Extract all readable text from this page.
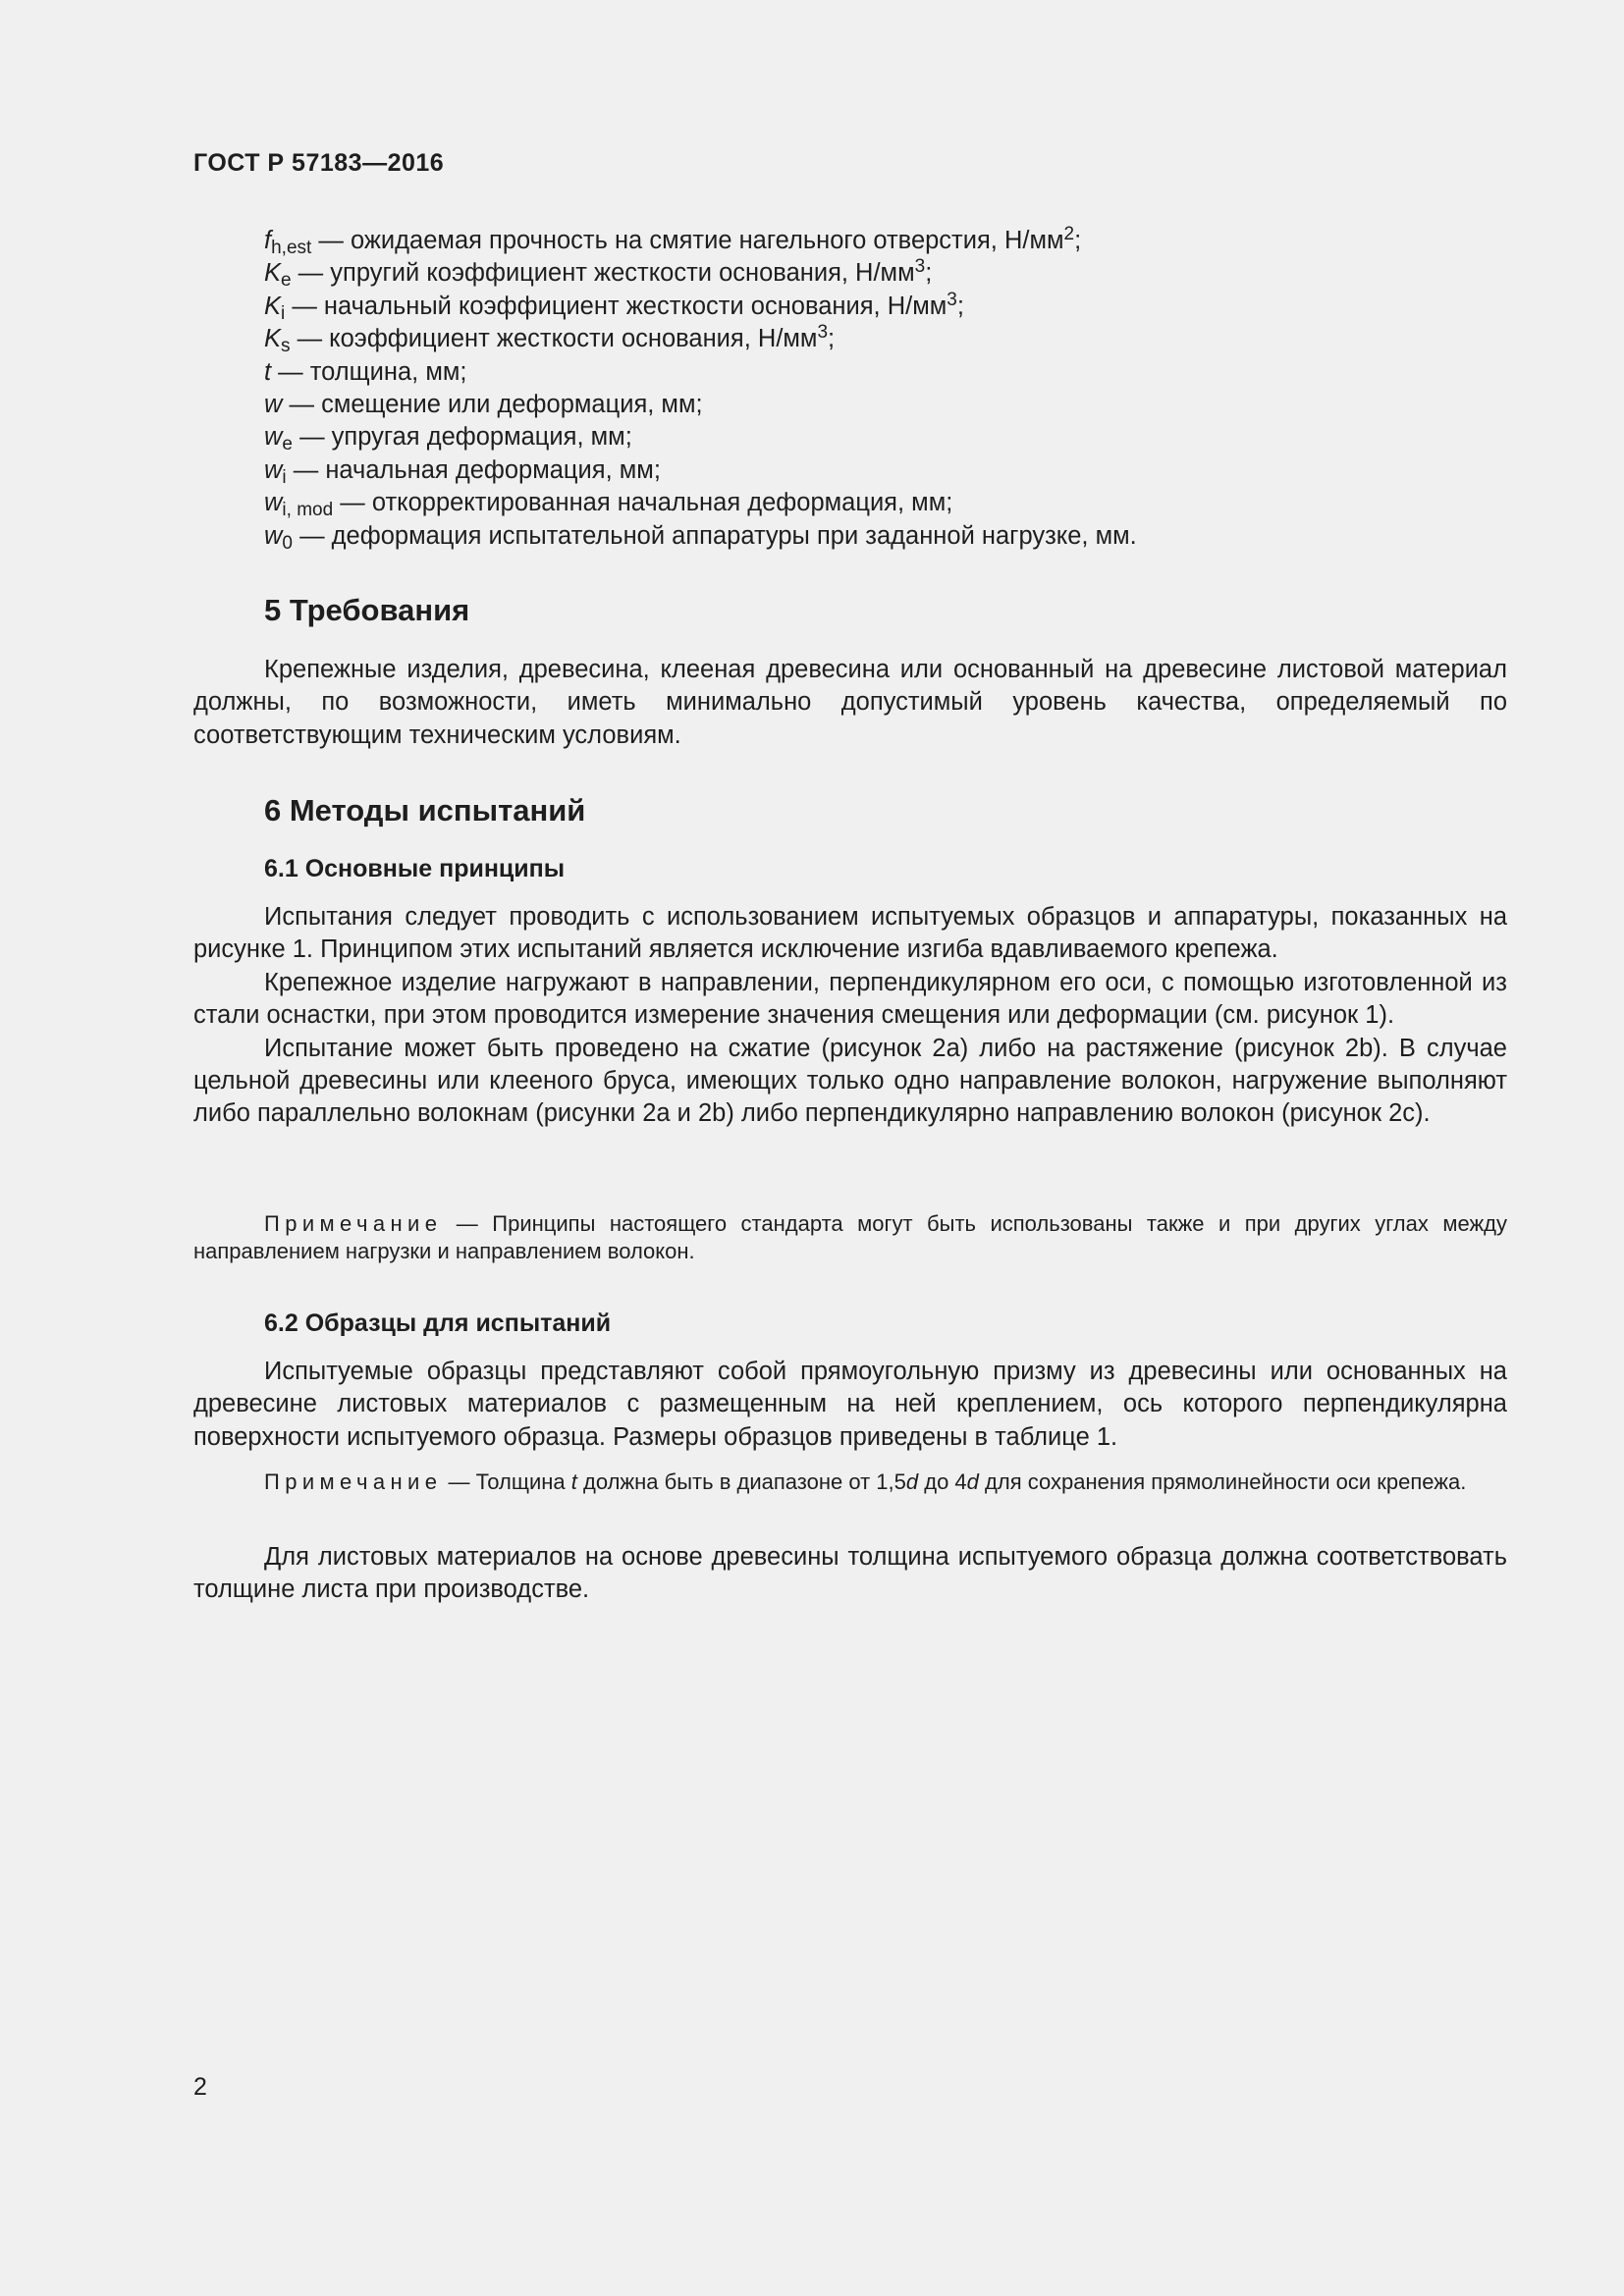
ГОСТ Р 57183—2016
$f_{h,est}$ — ожидаемая прочность на смятие нагельного отверстия, $Н/мм^2$;
$K_e$ — упругий коэффициент жесткости основания, $Н/мм^3$;
$K_i$ — начальный коэффициент жесткости основания, $Н/мм^3$;
$K_s$ — коэффициент жесткости основания, $Н/мм^3$;
t — толщина, мм;
w — смещение или деформация, мм;
$w_e$ — упругая деформация, мм;
$w_i$ — начальная деформация, мм;
$w_{i, mod}$ — откорректированная начальная деформация, мм;
$w_0$ — деформация испытательной аппаратуры при заданной нагрузке, мм.
5 Требования

Крепежные изделия, древесина, клееная древесина или основанный на древесине листовой материал должны, по возможности, иметь минимально допустимый уровень качества, определяемый по соответствующим техническим условиям.

6 Методы испытаний
6.1 Основные принципы

Испытания следует проводить с использованием испытуемых образцов и аппаратуры, показанных на рисунке 1. Принципом этих испытаний является исключение изгиба вдавливаемого крепежа.

Крепежное изделие нагружают в направлении, перпендикулярном его оси, с помощью изготовленной из стали оснастки, при этом проводится измерение значения смещения или деформации (см. рисунок 1).

Испытание может быть проведено на сжатие (рисунок 2а) либо на растяжение (рисунок 2b). В случае цельной древесины или клееного бруса, имеющих только одно направление волокон, нагружение выполняют либо параллельно волокнам (рисунки 2а и 2b) либо перпендикулярно направлению волокон (рисунок 2c).

Примечание — Принципы настоящего стандарта могут быть использованы также и при других углах между направлением нагрузки и направлением волокон.

6.2 Образцы для испытаний

Испытуемые образцы представляют собой прямоугольную призму из древесины или основанных на древесине листовых материалов с размещенным на ней креплением, ось которого перпендикулярна поверхности испытуемого образца. Размеры образцов приведены в таблице 1.

Примечание — Толщина t должна быть в диапазоне от 1,5d до 4d для сохранения прямолинейности оси крепежа.

Для листовых материалов на основе древесины толщина испытуемого образца должна соответствовать толщине листа при производстве.

2
